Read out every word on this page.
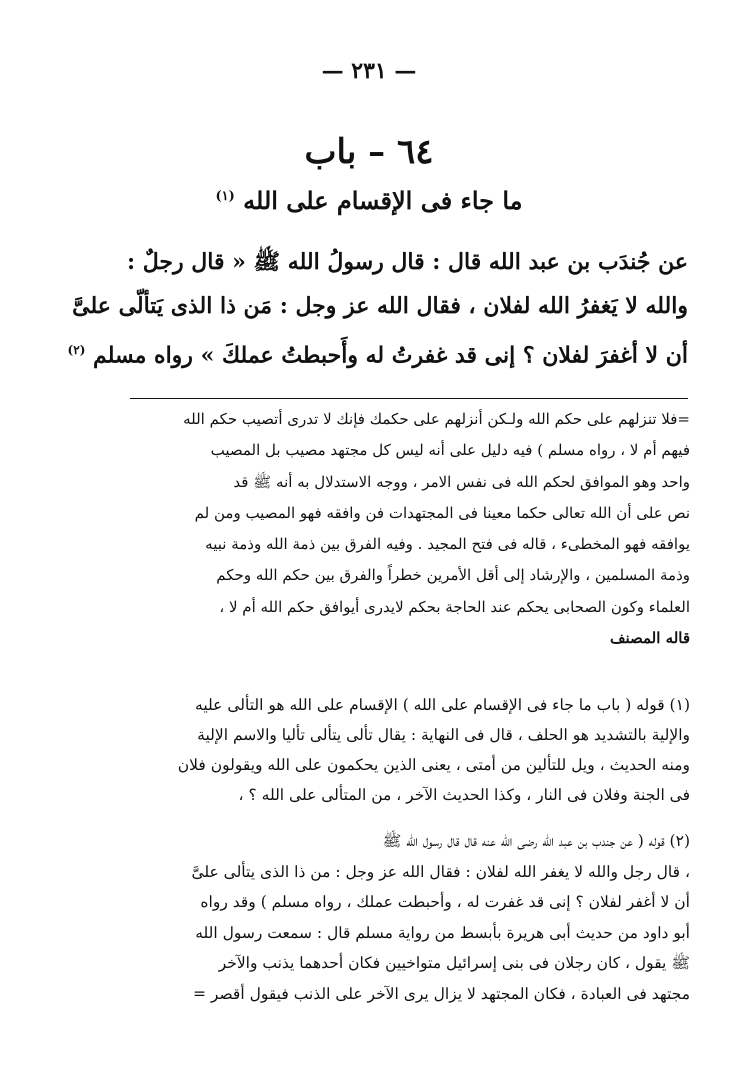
— ٢٣١ —
٦٤ – باب
ما جاء فى الإقسام على الله $^{(١)}$
عن جُندَب بن عبد الله قال : قال رسولُ الله ﷺ « قال رجلٌ :
والله لا يَغفرُ الله لفلان ، فقال الله عز وجل : مَن ذا الذى يَتألّى علىَّ
أن لا أغفرَ لفلان ؟ إنى قد غفرتُ له وأَحبطتُ عملكَ » رواه مسلم $^{(٢)}$
=فلا تنزلهم على حكم الله ولـكن أنزلهم على حكمك فإنك لا تدرى أتصيب حكم الله
فيهم أم لا ، رواه مسلم ) فيه دليل على أنه ليس كل مجتهد مصيب بل المصيب
واحد وهو الموافق لحكم الله فى نفس الامر ، ووجه الاستدلال به أنه ﷺ قد
نص على أن الله تعالى حكما معينا فى المجتهدات فن وافقه فهو المصيب ومن لم
يوافقه فهو المخطىء ، قاله فى فتح المجيد . وفيه الفرق بين ذمة الله وذمة نبيه
وذمة المسلمين ، والإرشاد إلى أقل الأمرين خطراً والفرق بين حكم الله وحكم
العلماء وكون الصحابى يحكم عند الحاجة بحكم لايدرى أيوافق حكم الله أم لا ،
قاله المصنف
(١) قوله ( باب ما جاء فى الإقسام على الله ) الإقسام على الله هو التألى عليه
والإلية بالتشديد هو الحلف ، قال فى النهاية : يقال تألى يتألى تأليا والاسم الإلية
ومنه الحديث ، ويل للتألين من أمتى ، يعنى الذين يحكمون على الله ويقولون فلان
فى الجنة وفلان فى النار ، وكذا الحديث الآخر ، من المتألى على الله ؟ ،
(٢) قوله ( عن جندب بن عبد الله رضى الله عنه قال قال رسول الله ﷺ
، قال رجل والله لا يغفر الله لفلان : فقال الله عز وجل : من ذا الذى يتألى علىَّ
أن لا أغفر لفلان ؟ إنى قد غفرت له ، وأحبطت عملك ، رواه مسلم ) وقد رواه
أبو داود من حديث أبى هريرة بأبسط من رواية مسلم قال : سمعت رسول الله
ﷺ يقول ، كان رجلان فى بنى إسرائيل متواخيين فكان أحدهما يذنب والآخر
مجتهد فى العبادة ، فكان المجتهد لا يزال يرى الآخر على الذنب فيقول أقصر =
